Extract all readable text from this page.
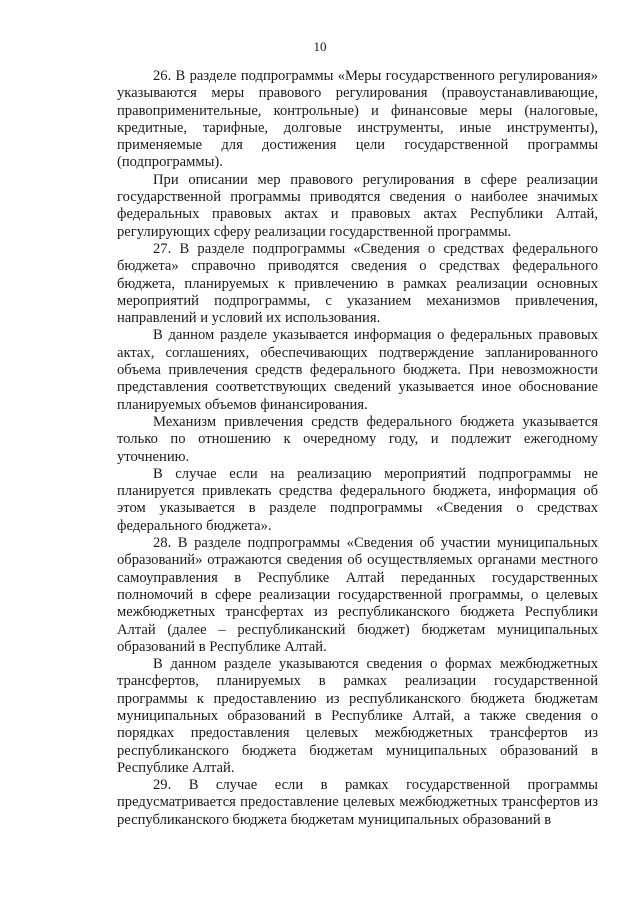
10

26. В разделе подпрограммы «Меры государственного регулирования» указываются меры правового регулирования (правоустанавливающие, правоприменительные, контрольные) и финансовые меры (налоговые, кредитные, тарифные, долговые инструменты, иные инструменты), применяемые для достижения цели государственной программы (подпрограммы).

При описании мер правового регулирования в сфере реализации государственной программы приводятся сведения о наиболее значимых федеральных правовых актах и правовых актах Республики Алтай, регулирующих сферу реализации государственной программы.

27. В разделе подпрограммы «Сведения о средствах федерального бюджета» справочно приводятся сведения о средствах федерального бюджета, планируемых к привлечению в рамках реализации основных мероприятий подпрограммы, с указанием механизмов привлечения, направлений и условий их использования.

В данном разделе указывается информация о федеральных правовых актах, соглашениях, обеспечивающих подтверждение запланированного объема привлечения средств федерального бюджета. При невозможности представления соответствующих сведений указывается иное обоснование планируемых объемов финансирования.

Механизм привлечения средств федерального бюджета указывается только по отношению к очередному году, и подлежит ежегодному уточнению.

В случае если на реализацию мероприятий подпрограммы не планируется привлекать средства федерального бюджета, информация об этом указывается в разделе подпрограммы «Сведения о средствах федерального бюджета».

28. В разделе подпрограммы «Сведения об участии муниципальных образований» отражаются сведения об осуществляемых органами местного самоуправления в Республике Алтай переданных государственных полномочий в сфере реализации государственной программы, о целевых межбюджетных трансфертах из республиканского бюджета Республики Алтай (далее – республиканский бюджет) бюджетам муниципальных образований в Республике Алтай.

В данном разделе указываются сведения о формах межбюджетных трансфертов, планируемых в рамках реализации государственной программы к предоставлению из республиканского бюджета бюджетам муниципальных образований в Республике Алтай, а также сведения о порядках предоставления целевых межбюджетных трансфертов из республиканского бюджета бюджетам муниципальных образований в Республике Алтай.

29. В случае если в рамках государственной программы предусматривается предоставление целевых межбюджетных трансфертов из республиканского бюджета бюджетам муниципальных образований в
